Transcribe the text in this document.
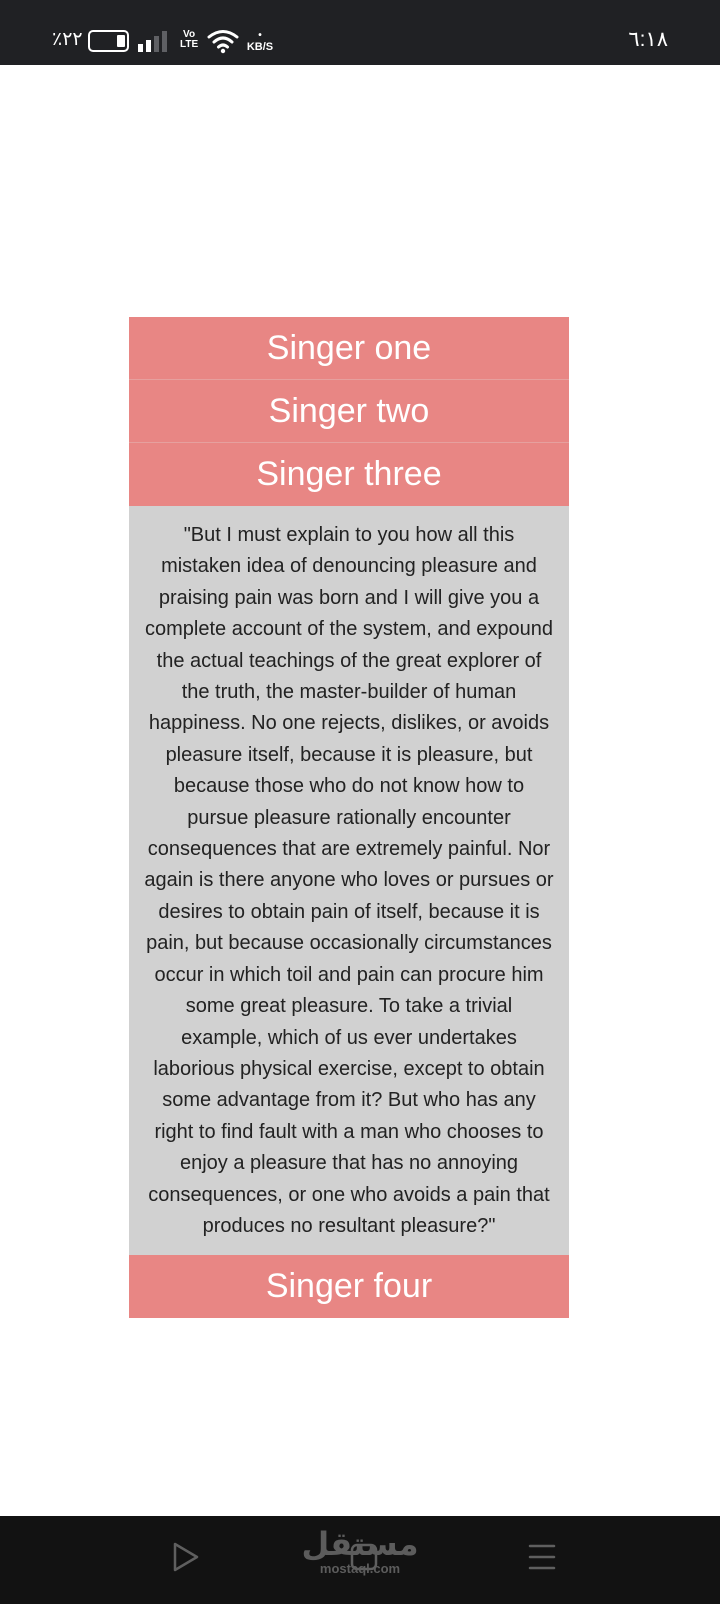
٪٢٢	Vo
LTE
•
KB/S	٦:١٨
Singer one
Singer two
Singer three
"But I must explain to you how all this mistaken idea of denouncing pleasure and praising pain was born and I will give you a complete account of the system, and expound the actual teachings of the great explorer of the truth, the master-builder of human happiness. No one rejects, dislikes, or avoids pleasure itself, because it is pleasure, but because those who do not know how to pursue pleasure rationally encounter consequences that are extremely painful. Nor again is there anyone who loves or pursues or desires to obtain pain of itself, because it is pain, but because occasionally circumstances occur in which toil and pain can procure him some great pleasure. To take a trivial example, which of us ever undertakes laborious physical exercise, except to obtain some advantage from it? But who has any right to find fault with a man who chooses to enjoy a pleasure that has no annoying consequences, or one who avoids a pain that produces no resultant pleasure?"
Singer four
مستقل
mostaql.com
